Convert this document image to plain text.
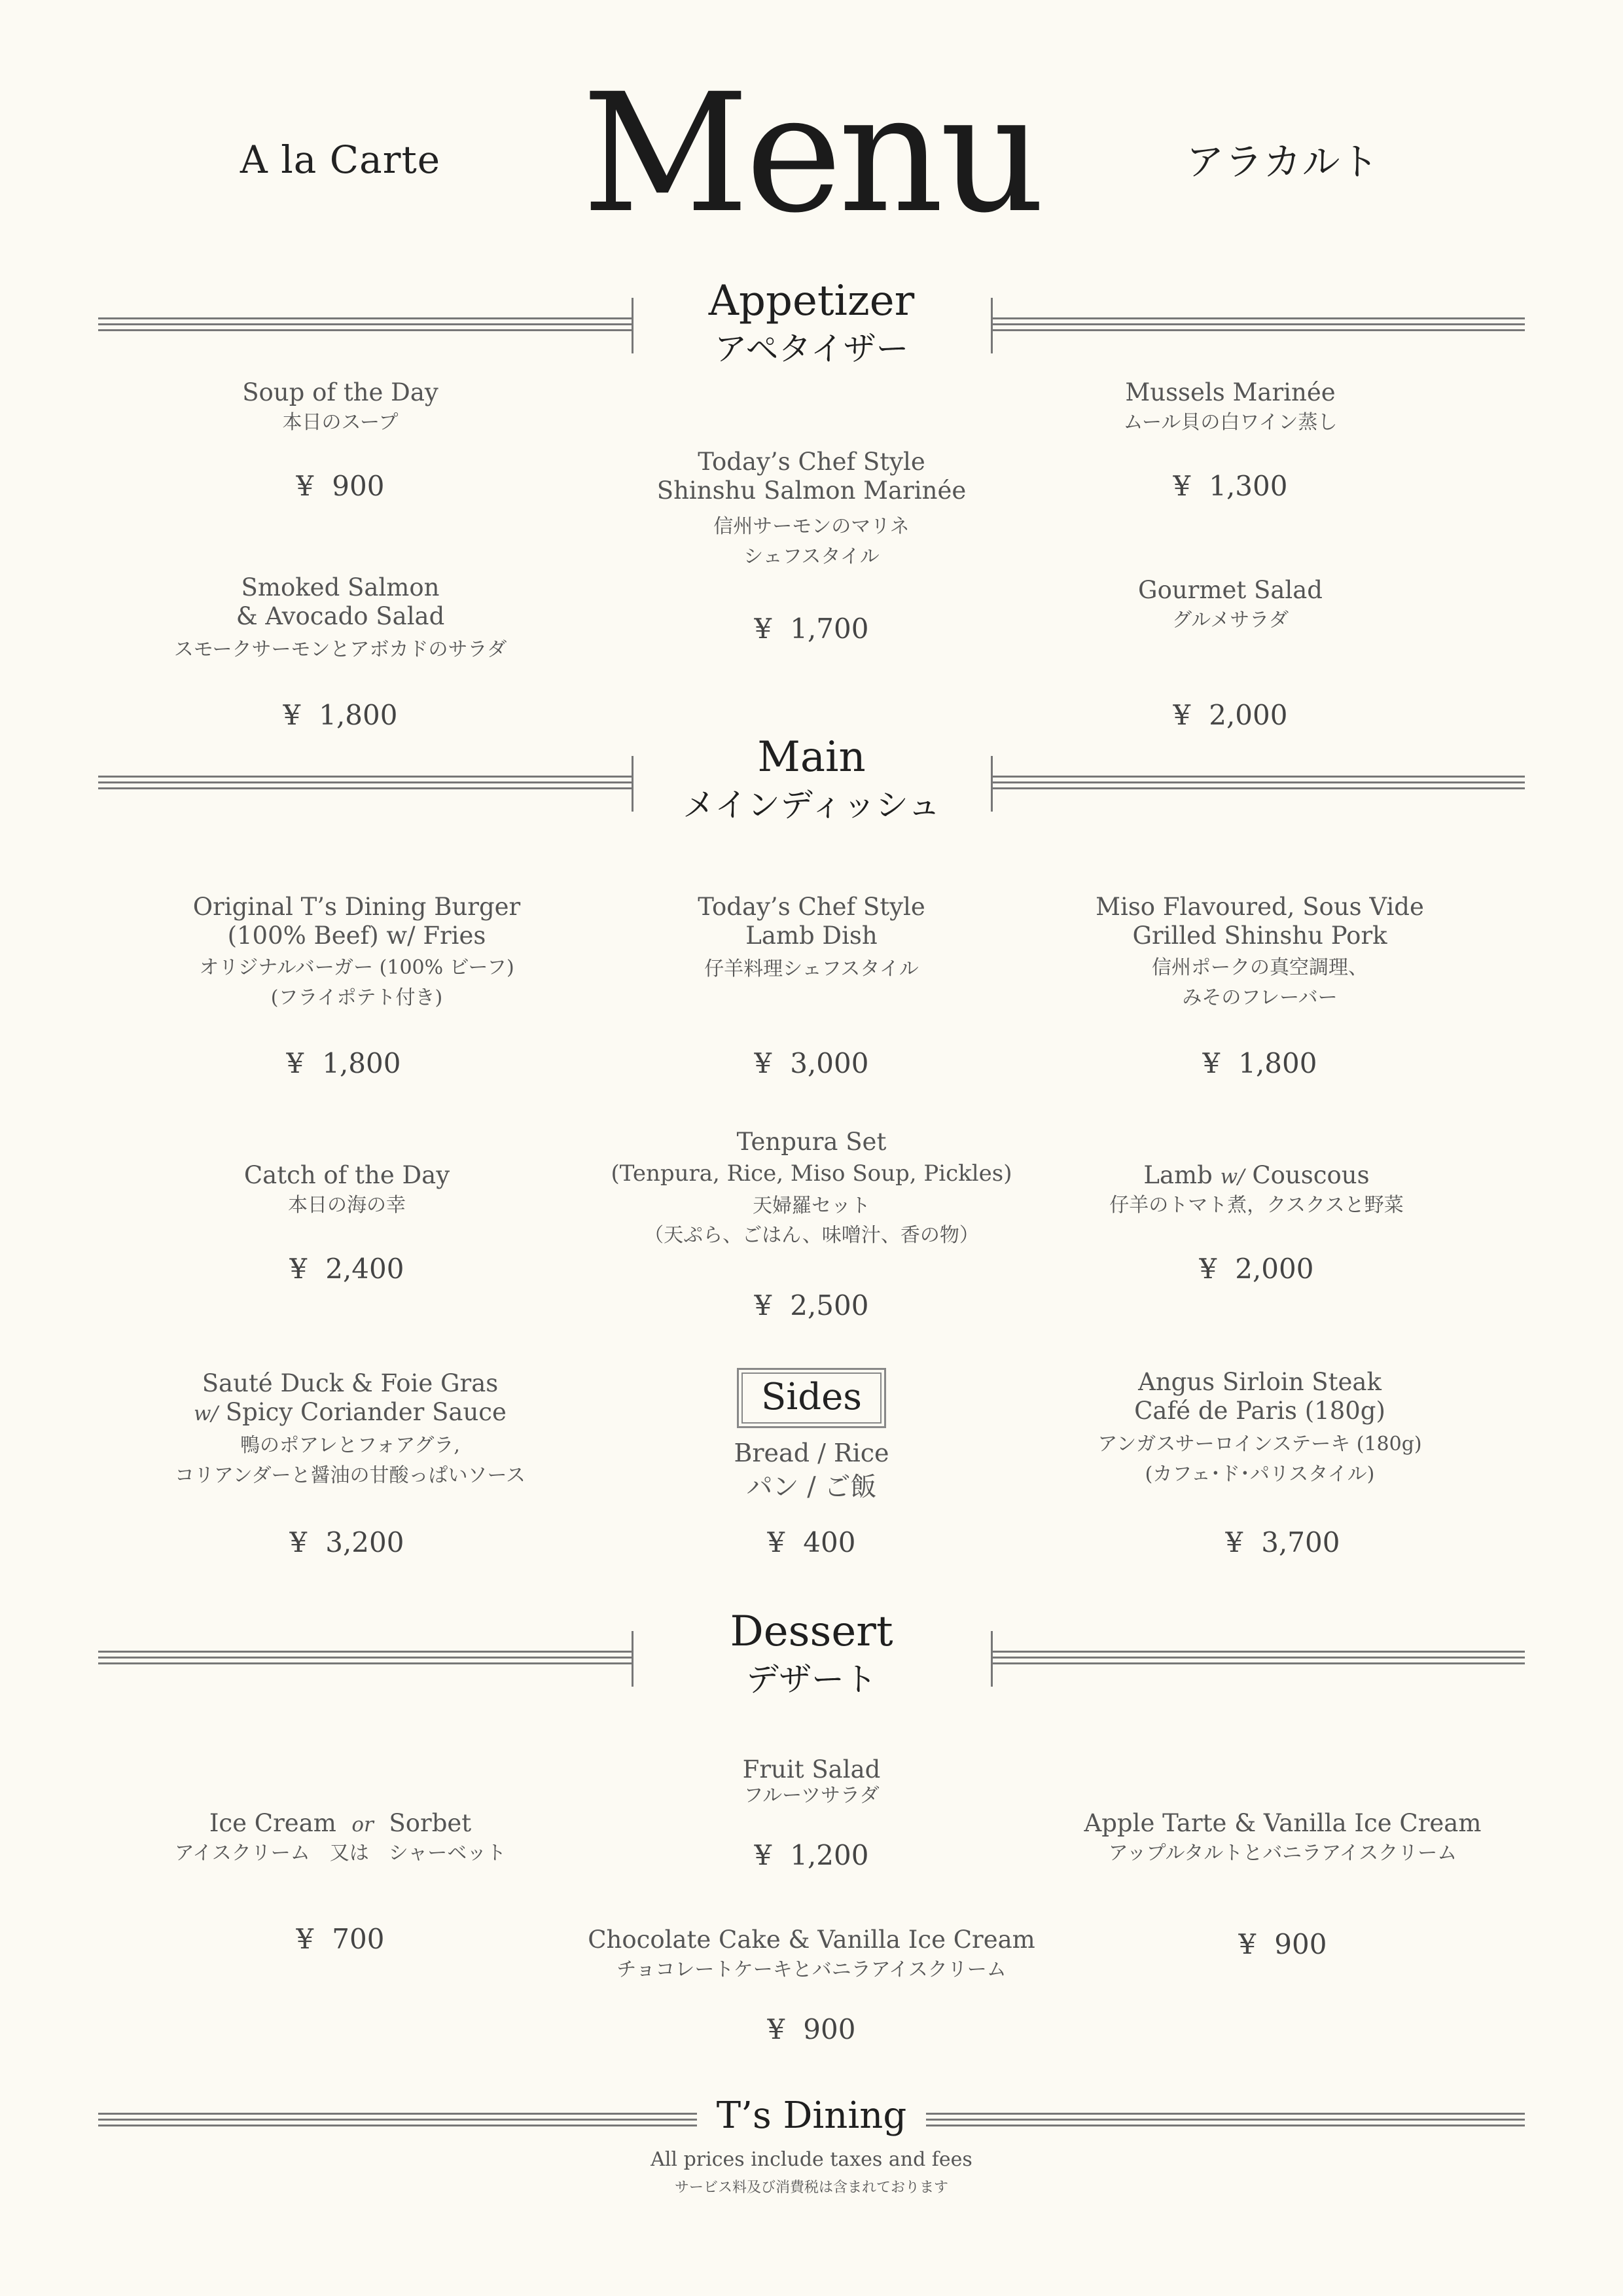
A la Carte Menu	アラカルト
Appetizer
アペタイザー
Soup of the Day
本日のスープ
¥ 900
Today’s Chef Style
Shinshu Salmon Marinée
信州サーモンのマリネ
シェフスタイル
¥ 1,700
Mussels Marinée
ムール貝の白ワイン蒸し
¥ 1,300
Smoked Salmon
& Avocado Salad
スモークサーモンとアボカドのサラダ
¥ 1,800
Gourmet Salad
グルメサラダ
¥ 2,000
Main
メインディッシュ
Original T’s Dining Burger
(100% Beef) w/ Fries
オリジナルバーガー (100% ビーフ)
(フライポテト付き)
¥ 1,800
Today’s Chef Style
Lamb Dish
仔羊料理シェフスタイル
¥ 3,000
Miso Flavoured, Sous Vide
Grilled Shinshu Pork
信州ポークの真空調理、
みそのフレーバー
¥ 1,800
Catch of the Day
本日の海の幸
¥ 2,400
Tenpura Set
(Tenpura, Rice, Miso Soup, Pickles)
天婦羅セット
（天ぷら、ごはん、味噌汁、香の物）
¥ 2,500
Lamb w/ Couscous
仔羊のトマト煮，クスクスと野菜
¥ 2,000
Sauté Duck & Foie Gras
w/ Spicy Coriander Sauce
鴨のポアレとフォアグラ,
コリアンダーと醤油の甘酸っぱいソース
¥ 3,200
Sides
Bread / Rice
パン / ご飯
¥ 400
Angus Sirloin Steak
Café de Paris (180g)
アンガスサーロインステーキ (180g)
(カフェ･ド･パリスタイル)
¥ 3,700
Dessert
デザート
Ice Cream or Sorbet
アイスクリーム　又は　シャーベット
¥ 700
Fruit Salad
フルーツサラダ
¥ 1,200
Apple Tarte & Vanilla Ice Cream
アップルタルトとバニラアイスクリーム
¥ 900
Chocolate Cake & Vanilla Ice Cream
チョコレートケーキとバニラアイスクリーム
¥ 900
T’s Dining
All prices include taxes and fees
サービス料及び消費税は含まれております
